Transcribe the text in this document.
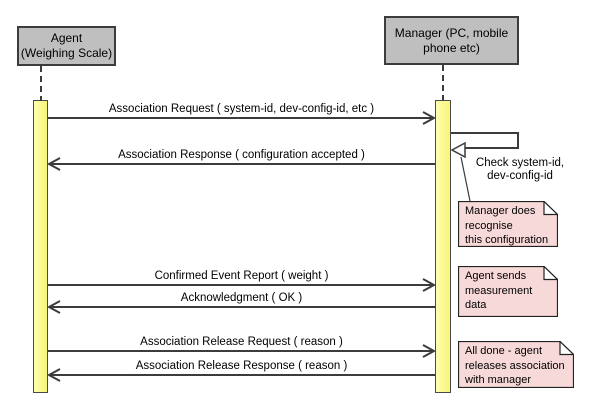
Agent
(Weighing Scale)
Manager (PC, mobile
phone etc)
Association Request ( system-id, dev-config-id, etc )
Association Response ( configuration accepted )
Confirmed Event Report ( weight )
Acknowledgment ( OK )
Association Release Request ( reason )
Association Release Response ( reason )
Check system-id,
dev-config-id
Manager does
recognise
this configuration
Agent sends
measurement
data
All done - agent
releases association
with manager
